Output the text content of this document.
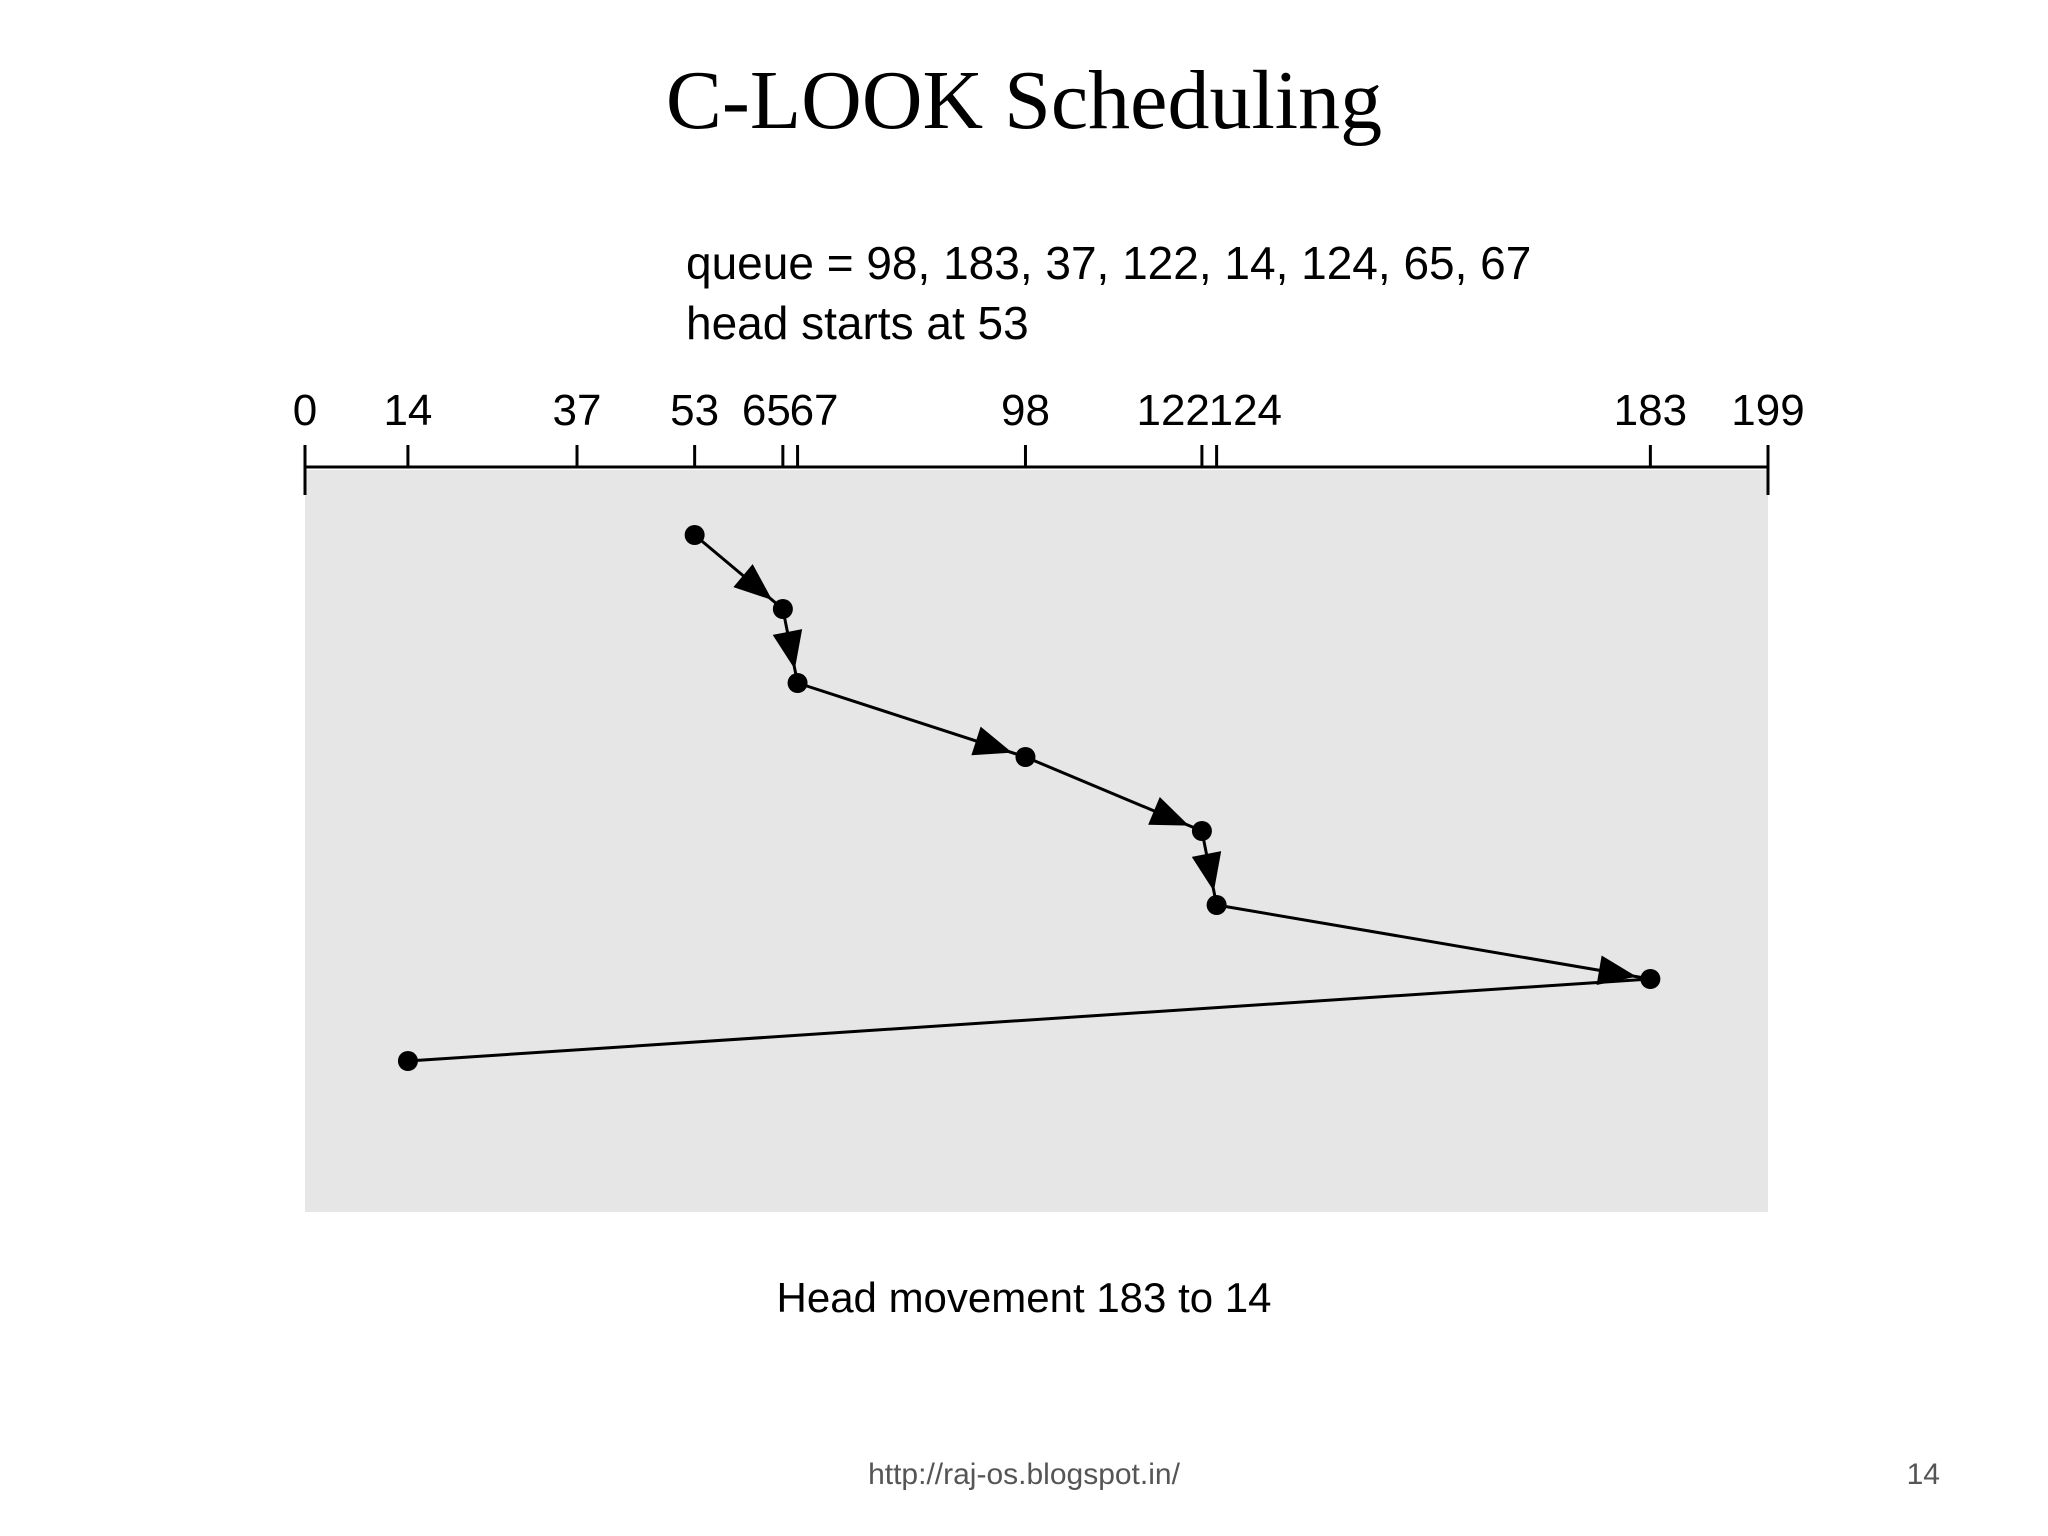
C-LOOK Scheduling
queue = 98, 183, 37, 122, 14, 124, 65, 67
head starts at 53
0 14	37 53 65
67	98 122
124	183 199
Head movement 183 to 14
http://raj-os.blogspot.in/	14
